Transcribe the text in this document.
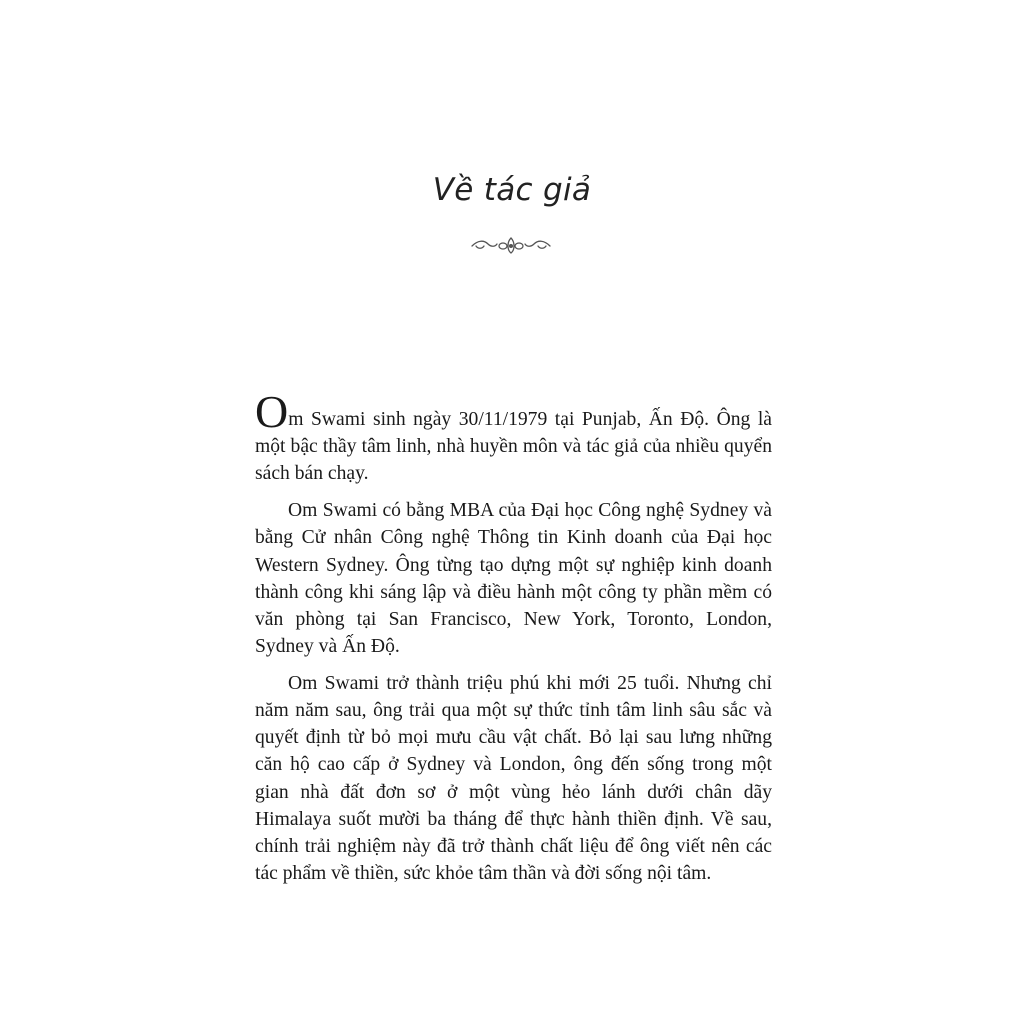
Về tác giả

Om Swami sinh ngày 30/11/1979 tại Punjab, Ấn Độ. Ông là một bậc thầy tâm linh, nhà huyền môn và tác giả của nhiều quyển sách bán chạy.

Om Swami có bằng MBA của Đại học Công nghệ Sydney và bằng Cử nhân Công nghệ Thông tin Kinh doanh của Đại học Western Sydney. Ông từng tạo dựng một sự nghiệp kinh doanh thành công khi sáng lập và điều hành một công ty phần mềm có văn phòng tại San Francisco, New York, Toronto, London, Sydney và Ấn Độ.

Om Swami trở thành triệu phú khi mới 25 tuổi. Nhưng chỉ năm năm sau, ông trải qua một sự thức tỉnh tâm linh sâu sắc và quyết định từ bỏ mọi mưu cầu vật chất. Bỏ lại sau lưng những căn hộ cao cấp ở Sydney và London, ông đến sống trong một gian nhà đất đơn sơ ở một vùng hẻo lánh dưới chân dãy Himalaya suốt mười ba tháng để thực hành thiền định. Về sau, chính trải nghiệm này đã trở thành chất liệu để ông viết nên các tác phẩm về thiền, sức khỏe tâm thần và đời sống nội tâm.
